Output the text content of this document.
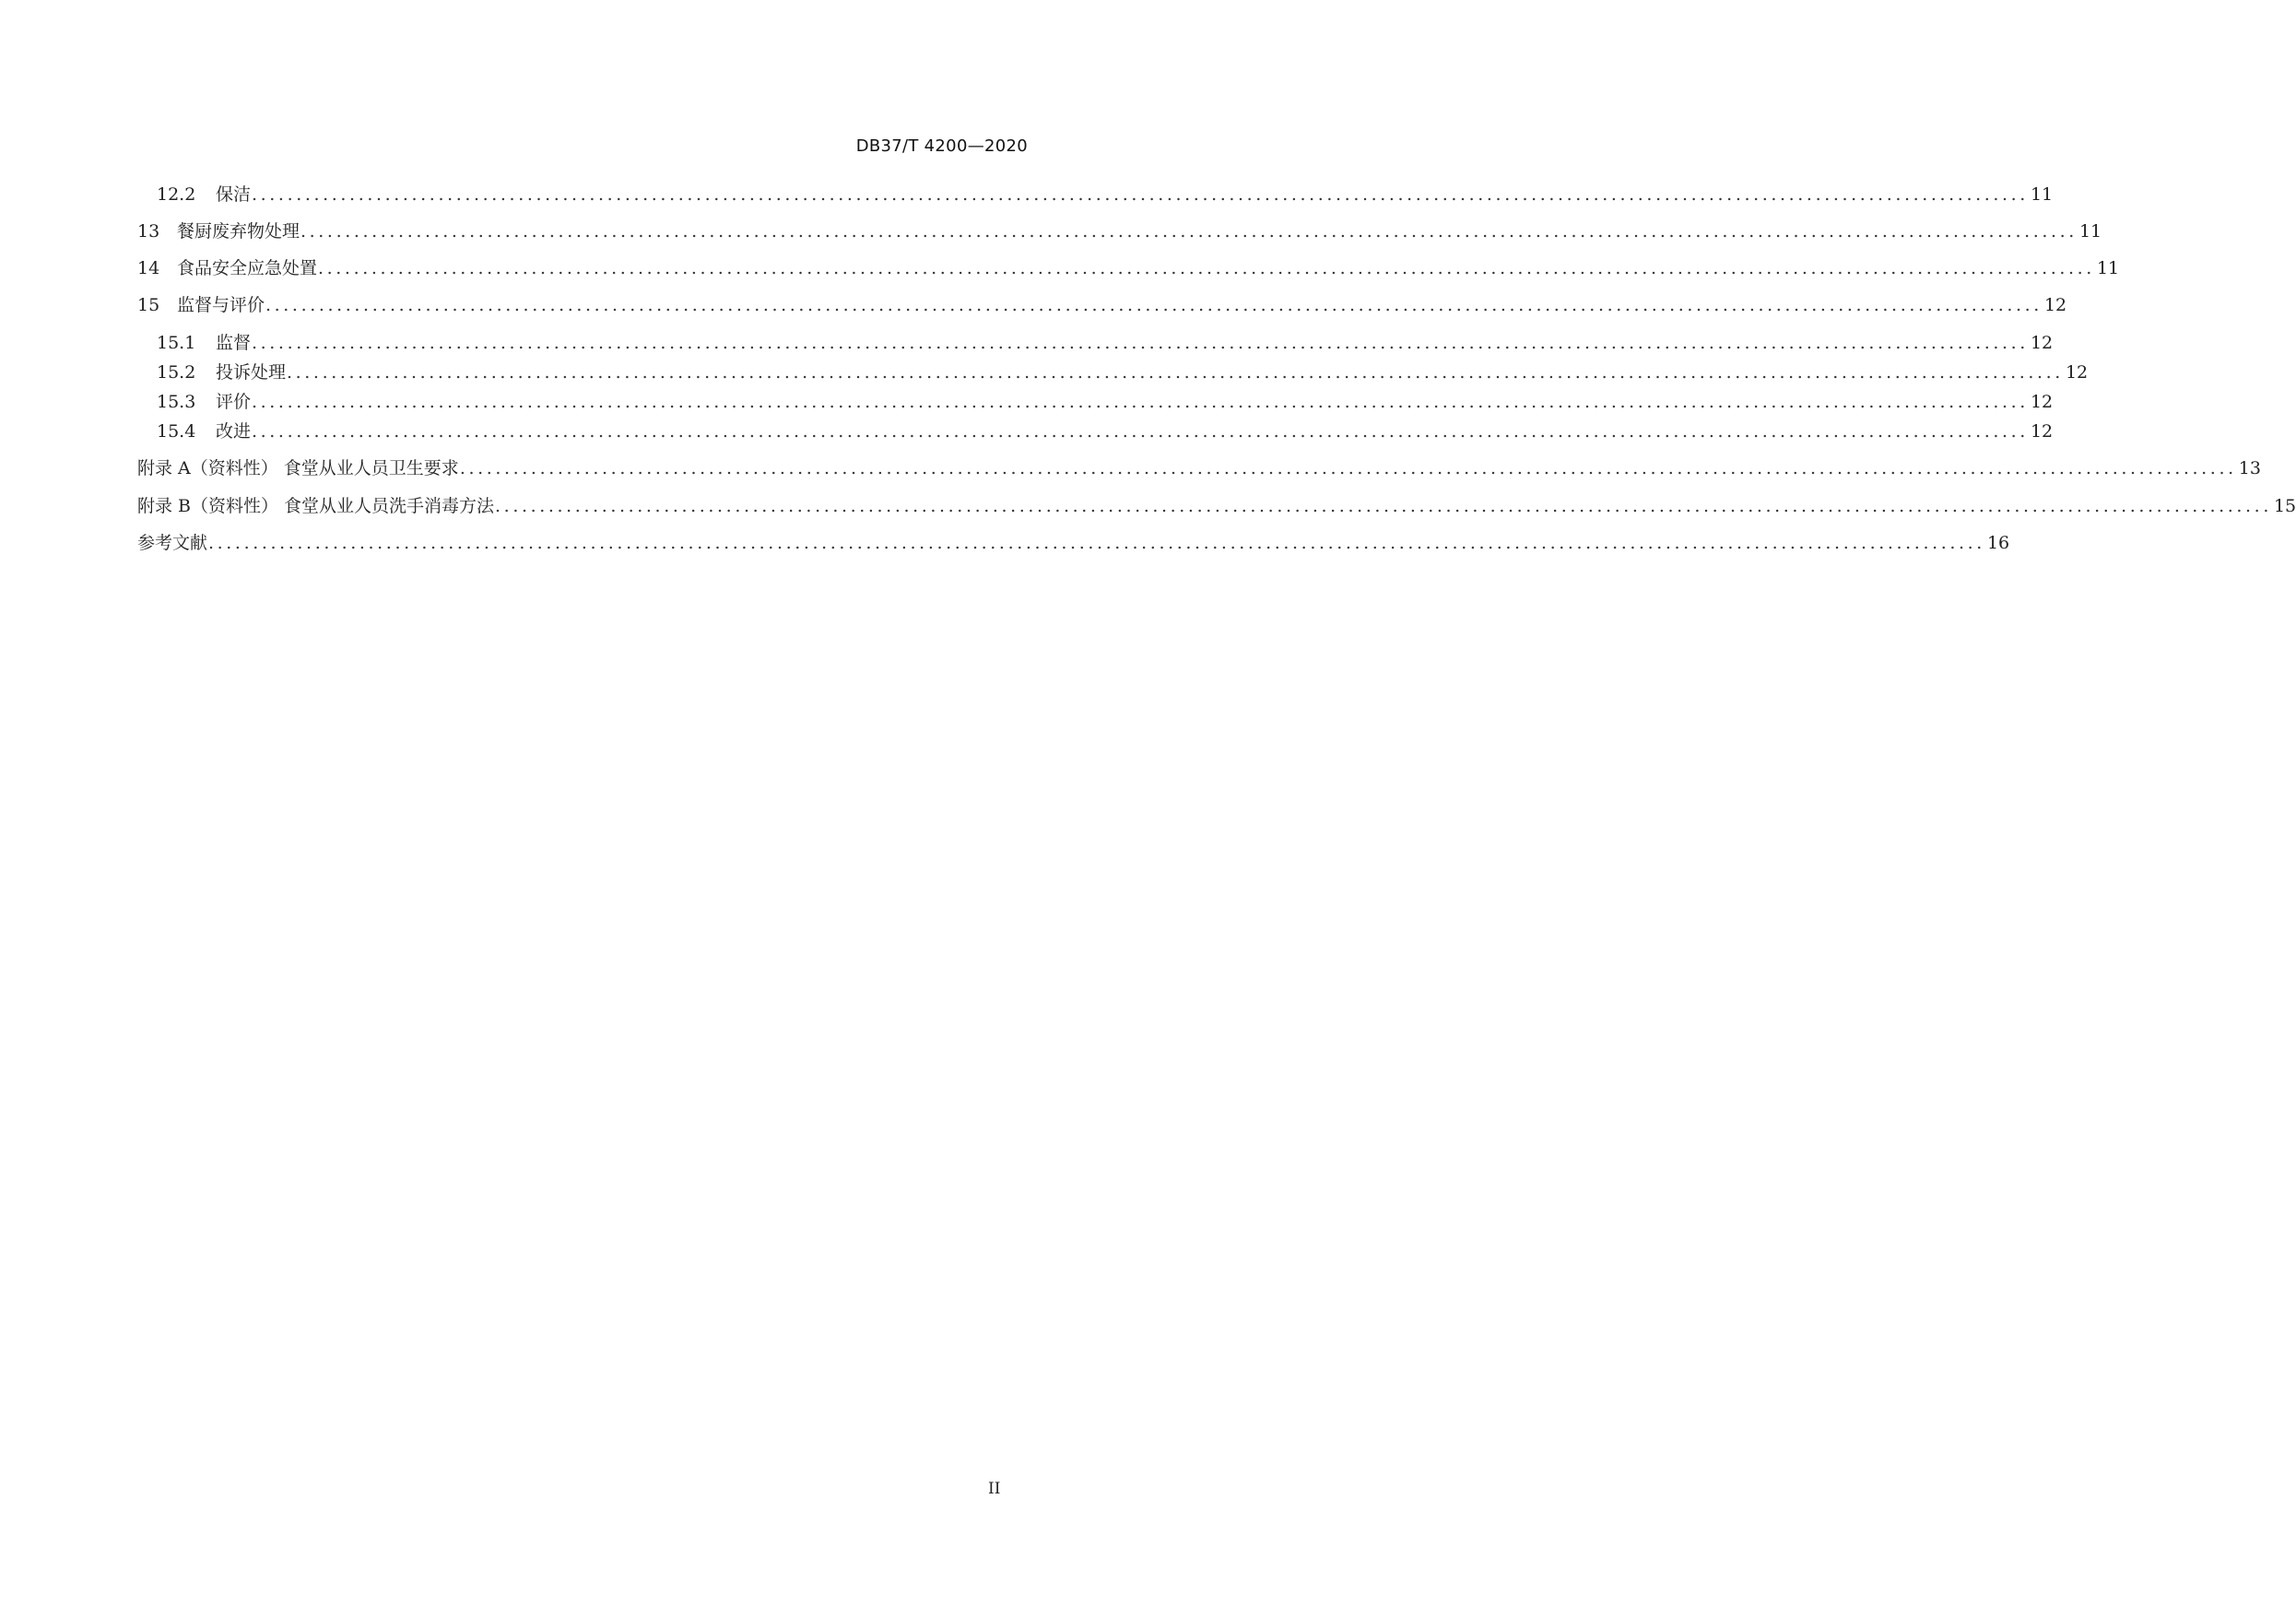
DB37/T 4200—2020
12.2	保洁 ........................................................................................................................................................................................................ 11
13 餐厨废弃物处理 ........................................................................................................................................................................................................ 11
14 食品安全应急处置 ........................................................................................................................................................................................................ 11
15 监督与评价 ........................................................................................................................................................................................................ 12
15.1	监督 ........................................................................................................................................................................................................ 12
15.2	投诉处理 ........................................................................................................................................................................................................ 12
15.3	评价 ........................................................................................................................................................................................................ 12
15.4	改进 ........................................................................................................................................................................................................ 12
附录 A（资料性） 食堂从业人员卫生要求 ........................................................................................................................................................................................................ 13
附录 B（资料性） 食堂从业人员洗手消毒方法 ........................................................................................................................................................................................................ 15
参考文献 ........................................................................................................................................................................................................ 16
II
